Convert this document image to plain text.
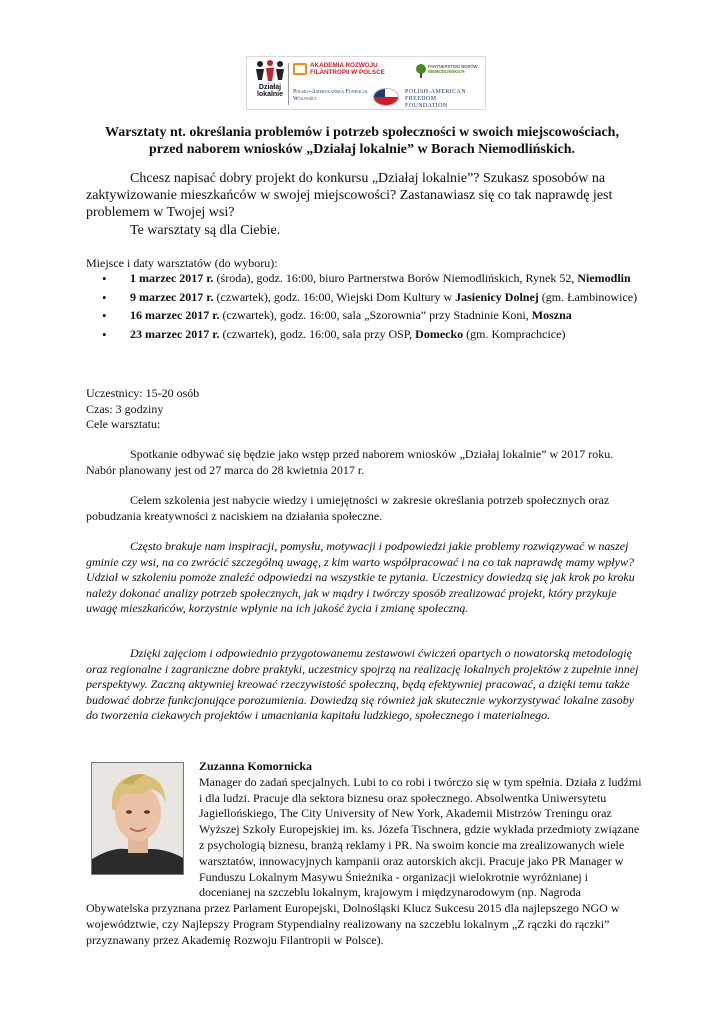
Działaj lokalnie
AKADEMIA ROZWOJU FILANTROPII W POLSCE
PARTNERSTWO BORÓW
NIEMODLIŃSKICH
Polsko-Amerykańska Fundacja Wolności
POLISH-AMERICAN FREEDOM FOUNDATION
Warsztaty nt. określania problemów i potrzeb społeczności w swoich miejscowościach,
przed naborem wniosków „Działaj lokalnie” w Borach Niemodlińskich.

Chcesz napisać dobry projekt do konkursu „Działaj lokalnie”? Szukasz sposobów na zaktywizowanie mieszkańców w swojej miejscowości? Zastanawiasz się co tak naprawdę jest problemem w Twojej wsi?

Te warsztaty są dla Ciebie.

Miejsce i daty warsztatów (do wyboru):
• 1 marzec 2017 r. (środa), godz. 16:00, biuro Partnerstwa Borów Niemodlińskich, Rynek 52, Niemodlin
• 9 marzec 2017 r. (czwartek), godz. 16:00, Wiejski Dom Kultury w Jasienicy Dolnej (gm. Łambinowice)
• 16 marzec 2017 r. (czwartek), godz. 16:00, sala „Szorownia” przy Stadninie Koni, Moszna
• 23 marzec 2017 r. (czwartek), godz. 16:00, sala przy OSP, Domecko (gm. Komprachcice)
Uczestnicy: 15-20 osób
Czas: 3 godziny
Cele warsztatu:

Spotkanie odbywać się będzie jako wstęp przed naborem wniosków „Działaj lokalnie” w 2017 roku. Nabór planowany jest od 27 marca do 28 kwietnia 2017 r.

Celem szkolenia jest nabycie wiedzy i umiejętności w zakresie określania potrzeb społecznych oraz pobudzania kreatywności z naciskiem na działania społeczne.

Często brakuje nam inspiracji, pomysłu, motywacji i podpowiedzi jakie problemy rozwiązywać w naszej gminie czy wsi, na co zwrócić szczególną uwagę, z kim warto współpracować i na co tak naprawdę mamy wpływ? Udział w szkoleniu pomoże znaleźć odpowiedzi na wszystkie te pytania. Uczestnicy dowiedzą się jak krok po kroku należy dokonać analizy potrzeb społecznych, jak w mądry i twórczy sposób zrealizować projekt, który przykuje uwagę mieszkańców, korzystnie wpłynie na ich jakość życia i zmianę społeczną.

Dzięki zajęciom i odpowiednio przygotowanemu zestawowi ćwiczeń opartych o nowatorską metodologię oraz regionalne i zagraniczne dobre praktyki, uczestnicy spojrzą na realizację lokalnych projektów z zupełnie innej perspektywy. Zaczną aktywniej kreować rzeczywistość społeczną, będą efektywniej pracować, a dzięki temu także budować dobrze funkcjonujące porozumienia. Dowiedzą się również jak skutecznie wykorzystywać lokalne zasoby do tworzenia ciekawych projektów i umacniania kapitału ludzkiego, społecznego i materialnego.

Zuzanna Komornicka
Manager do zadań specjalnych. Lubi to co robi i twórczo się w tym spełnia. Działa z ludźmi i dla ludzi. Pracuje dla sektora biznesu oraz społecznego. Absolwentka Uniwersytetu Jagiellońskiego, The City University of New York, Akademii Mistrzów Treningu oraz Wyższej Szkoły Europejskiej im. ks. Józefa Tischnera, gdzie wykłada przedmioty związane z psychologią biznesu, branżą reklamy i PR. Na swoim koncie ma zrealizowanych wiele warsztatów, innowacyjnych kampanii oraz autorskich akcji. Pracuje jako PR Manager w Funduszu Lokalnym Masywu Śnieżnika - organizacji wielokrotnie wyróżnianej i docenianej na szczeblu lokalnym, krajowym i międzynarodowym (np. Nagroda Obywatelska przyznana przez Parlament Europejski, Dolnośląski Klucz Sukcesu 2015 dla najlepszego NGO w województwie, czy Najlepszy Program Stypendialny realizowany na szczeblu lokalnym „Z rączki do rączki” przyznawany przez Akademię Rozwoju Filantropii w Polsce).
